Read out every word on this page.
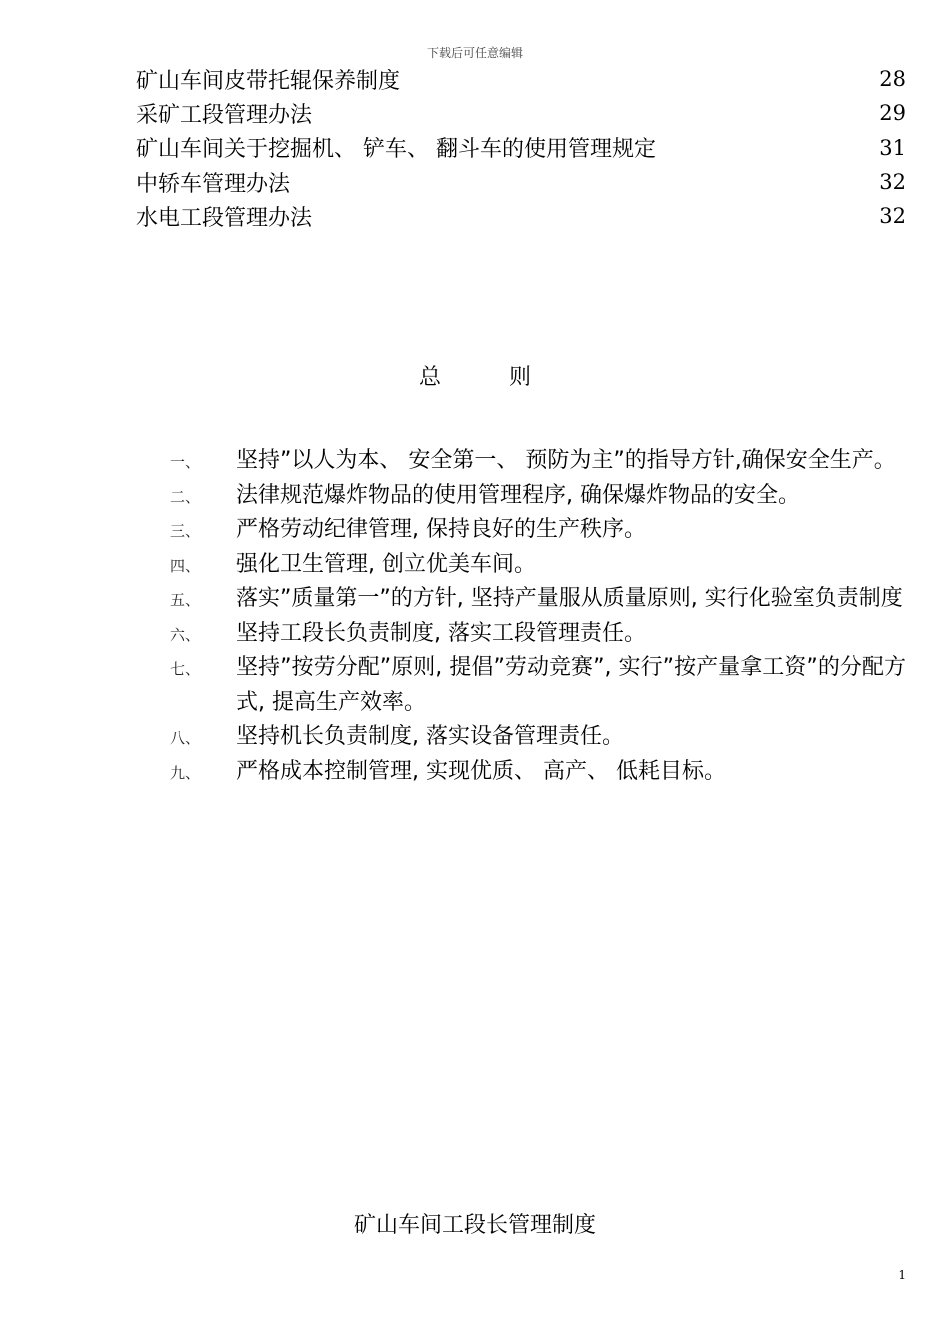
下载后可任意编辑
矿山车间皮带托辊保养制度	28
采矿工段管理办法	29
矿山车间关于挖掘机、 铲车、 翻斗车的使用管理规定	31
中轿车管理办法	32
水电工段管理办法	32
总则
一、	坚持”以人为本、 安全第一、 预防为主”的指导方针,确保安全生产。
二、	法律规范爆炸物品的使用管理程序, 确保爆炸物品的安全。
三、	严格劳动纪律管理, 保持良好的生产秩序。
四、	强化卫生管理, 创立优美车间。
五、	落实”质量第一”的方针, 坚持产量服从质量原则, 实行化验室负责制度
六、	坚持工段长负责制度, 落实工段管理责任。
七、	坚持”按劳分配”原则, 提倡”劳动竞赛”, 实行”按产量拿工资”的分配方式, 提高生产效率。
八、	坚持机长负责制度, 落实设备管理责任。
九、	严格成本控制管理, 实现优质、 高产、 低耗目标。
矿山车间工段长管理制度
1
